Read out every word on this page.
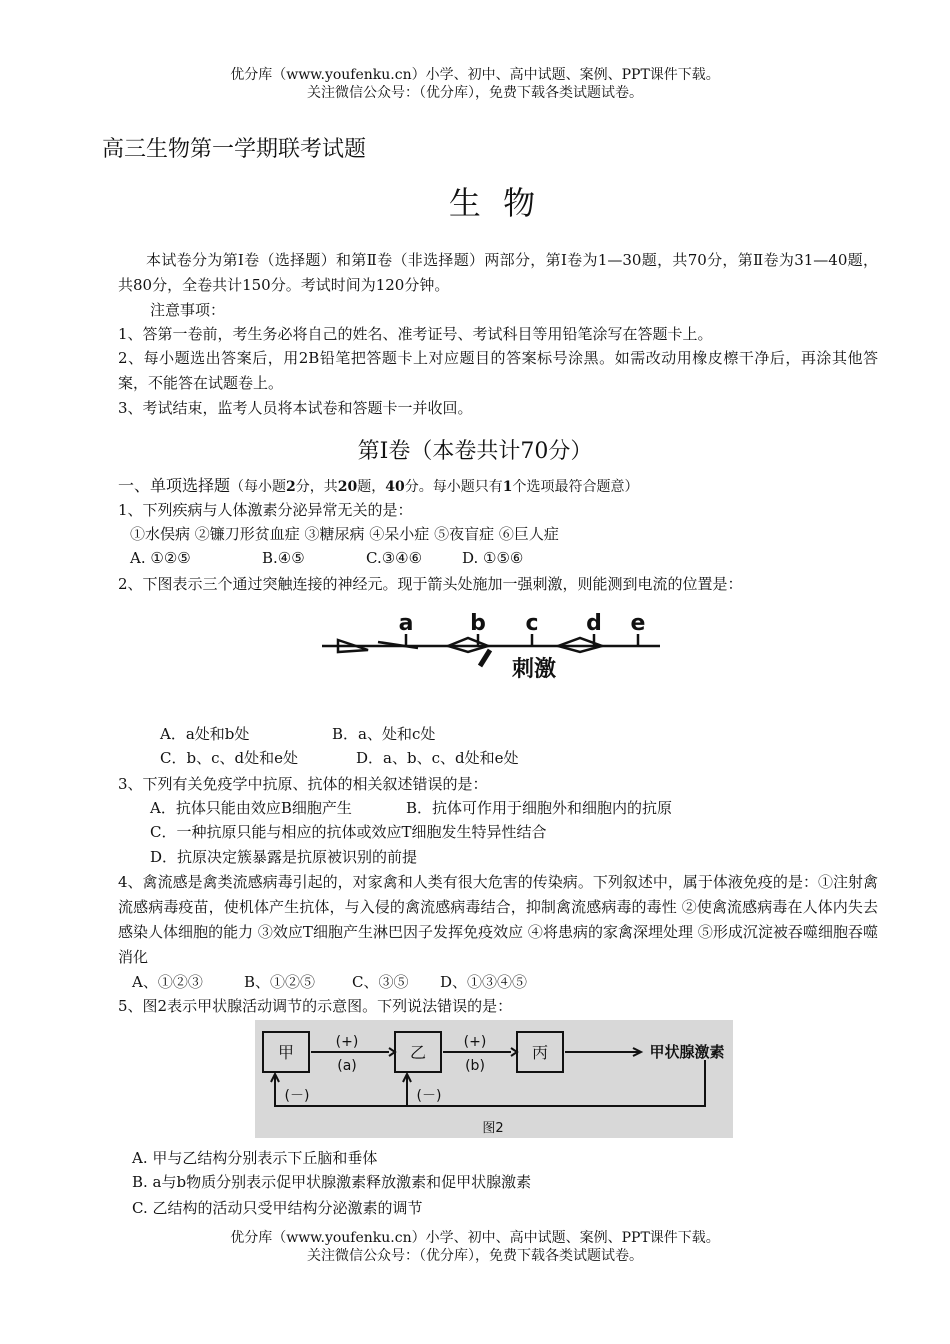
优分库（www.youfenku.cn）小学、初中、高中试题、案例、PPT课件下载。
关注微信公众号：（优分库），免费下载各类试题试卷。
高三生物第一学期联考试题
生 物
本试卷分为第Ⅰ卷（选择题）和第Ⅱ卷（非选择题）两部分，第Ⅰ卷为1—30题，共70分，第Ⅱ卷为31—40题，共80分，全卷共计150分。考试时间为120分钟。
注意事项：
1、答第一卷前，考生务必将自己的姓名、准考证号、考试科目等用铅笔涂写在答题卡上。
2、每小题选出答案后，用2B铅笔把答题卡上对应题目的答案标号涂黑。如需改动用橡皮檫干净后，再涂其他答案，不能答在试题卷上。
3、考试结束，监考人员将本试卷和答题卡一并收回。
第Ⅰ卷（本卷共计70分）
一、单项选择题（每小题2分，共20题，40分。每小题只有1个选项最符合题意）
1、下列疾病与人体激素分泌异常无关的是：
①水俣病 ②镰刀形贫血症 ③糖尿病 ④呆小症 ⑤夜盲症 ⑥巨人症
A. ①②⑤	B.④⑤	C.③④⑥	D. ①⑤⑥
2、下图表示三个通过突触连接的神经元。现于箭头处施加一强刺激，则能测到电流的位置是：
a	b c d e
刺激
A．a处和b处	B．a、处和c处
C．b、c、d处和e处	D．a、b、c、d处和e处
3、下列有关免疫学中抗原、抗体的相关叙述错误的是：
A．抗体只能由效应B细胞产生	B．抗体可作用于细胞外和细胞内的抗原
C．一种抗原只能与相应的抗体或效应T细胞发生特异性结合
D．抗原决定簇暴露是抗原被识别的前提
4、禽流感是禽类流感病毒引起的，对家禽和人类有很大危害的传染病。下列叙述中，属于体液免疫的是：①注射禽流感病毒疫苗，使机体产生抗体，与入侵的禽流感病毒结合，抑制禽流感病毒的毒性 ②使禽流感病毒在人体内失去感染人体细胞的能力 ③效应T细胞产生淋巴因子发挥免疫效应 ④将患病的家禽深埋处理 ⑤形成沉淀被吞噬细胞吞噬消化
A、①②③	B、①②⑤ C、③⑤ D、①③④⑤
5、图2表示甲状腺活动调节的示意图。下列说法错误的是：
甲	乙	丙
(+)
(a)
(+)
(b)
甲状腺激素
(－)	(－)
图2
A. 甲与乙结构分别表示下丘脑和垂体
B. a与b物质分别表示促甲状腺激素释放激素和促甲状腺激素
C. 乙结构的活动只受甲结构分泌激素的调节
优分库（www.youfenku.cn）小学、初中、高中试题、案例、PPT课件下载。
关注微信公众号：（优分库），免费下载各类试题试卷。
